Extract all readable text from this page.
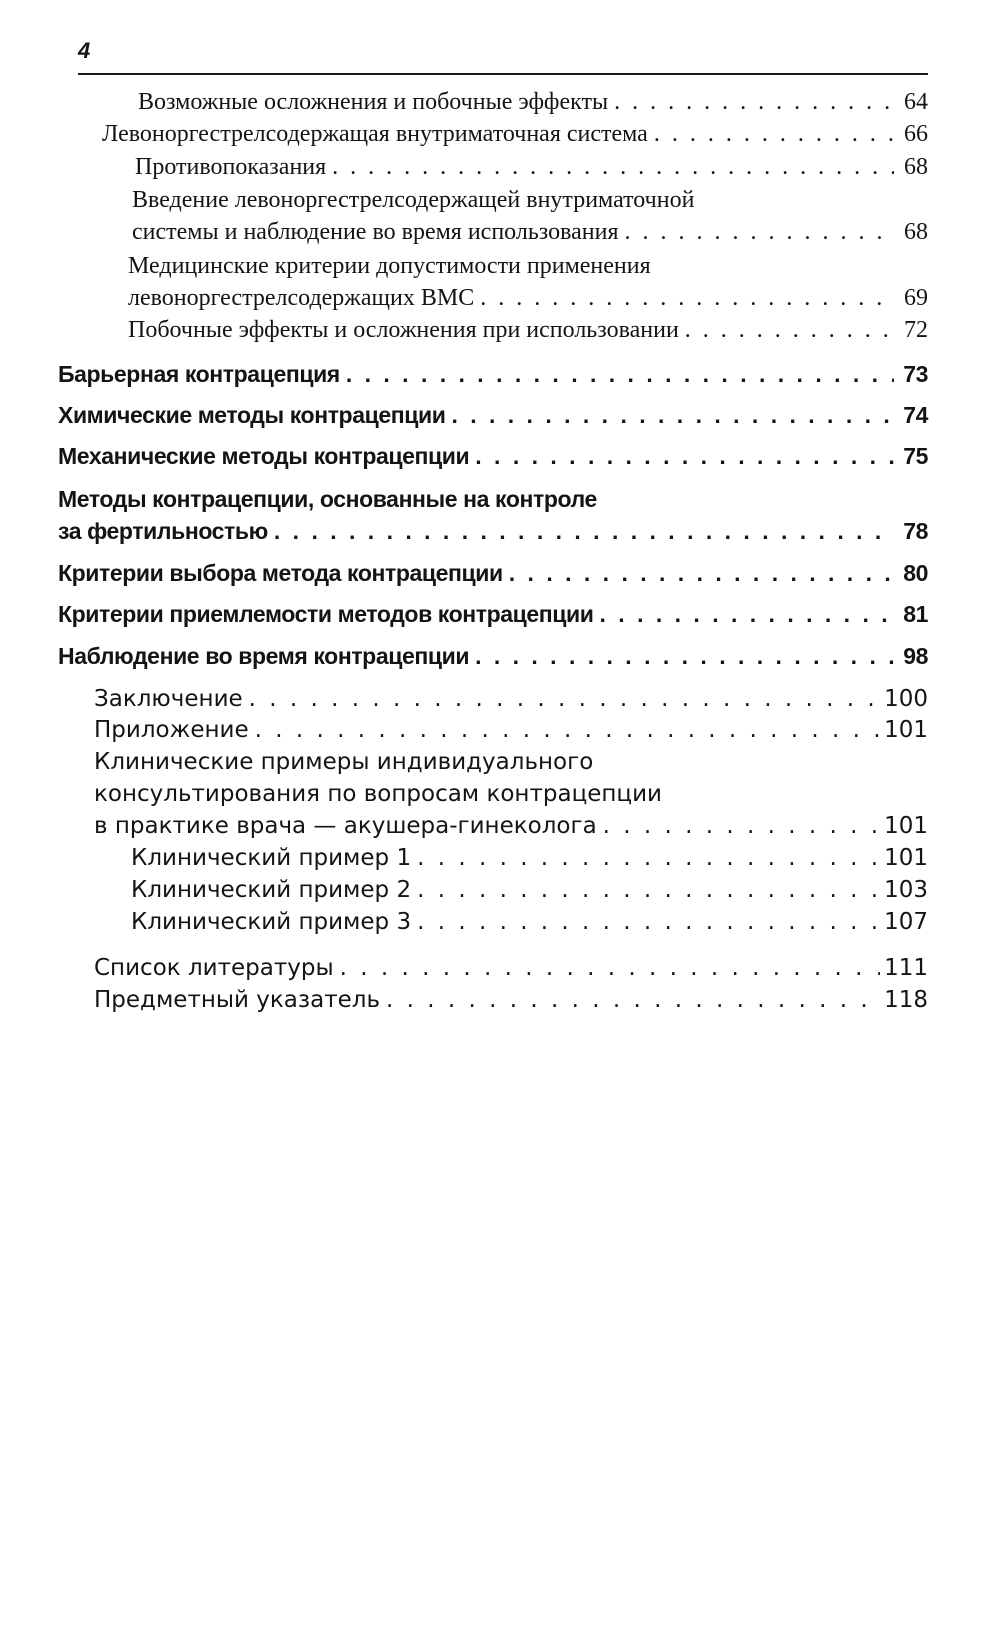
4
Возможные осложнения и побочные эффекты . . .	64
Левоноргестрелсодержащая внутриматочная система . . .	66
Противопоказания . . .	68
Введение левоноргестрелсодержащей внутриматочной
системы и наблюдение во время использования . . .	68
Медицинские критерии допустимости применения
левоноргестрелсодержащих ВМС . . .	69
Побочные эффекты и осложнения при использовании . . .	72
Барьерная контрацепция . . .	73
Химические методы контрацепции . . .	74
Механические методы контрацепции . . .	75
Методы контрацепции, основанные на контроле
за фертильностью . . .	78
Критерии выбора метода контрацепции . . .	80
Критерии приемлемости методов контрацепции . . .	81
Наблюдение во время контрацепции . . .	98
Заключение . . .	100
Приложение . . .	101
Клинические примеры индивидуального
консультирования по вопросам контрацепции
в практике врача — акушера-гинеколога . . .	101
Клинический пример 1 . . .	101
Клинический пример 2 . . .	103
Клинический пример 3 . . .	107
Список литературы . . .	111
Предметный указатель . . .	118
